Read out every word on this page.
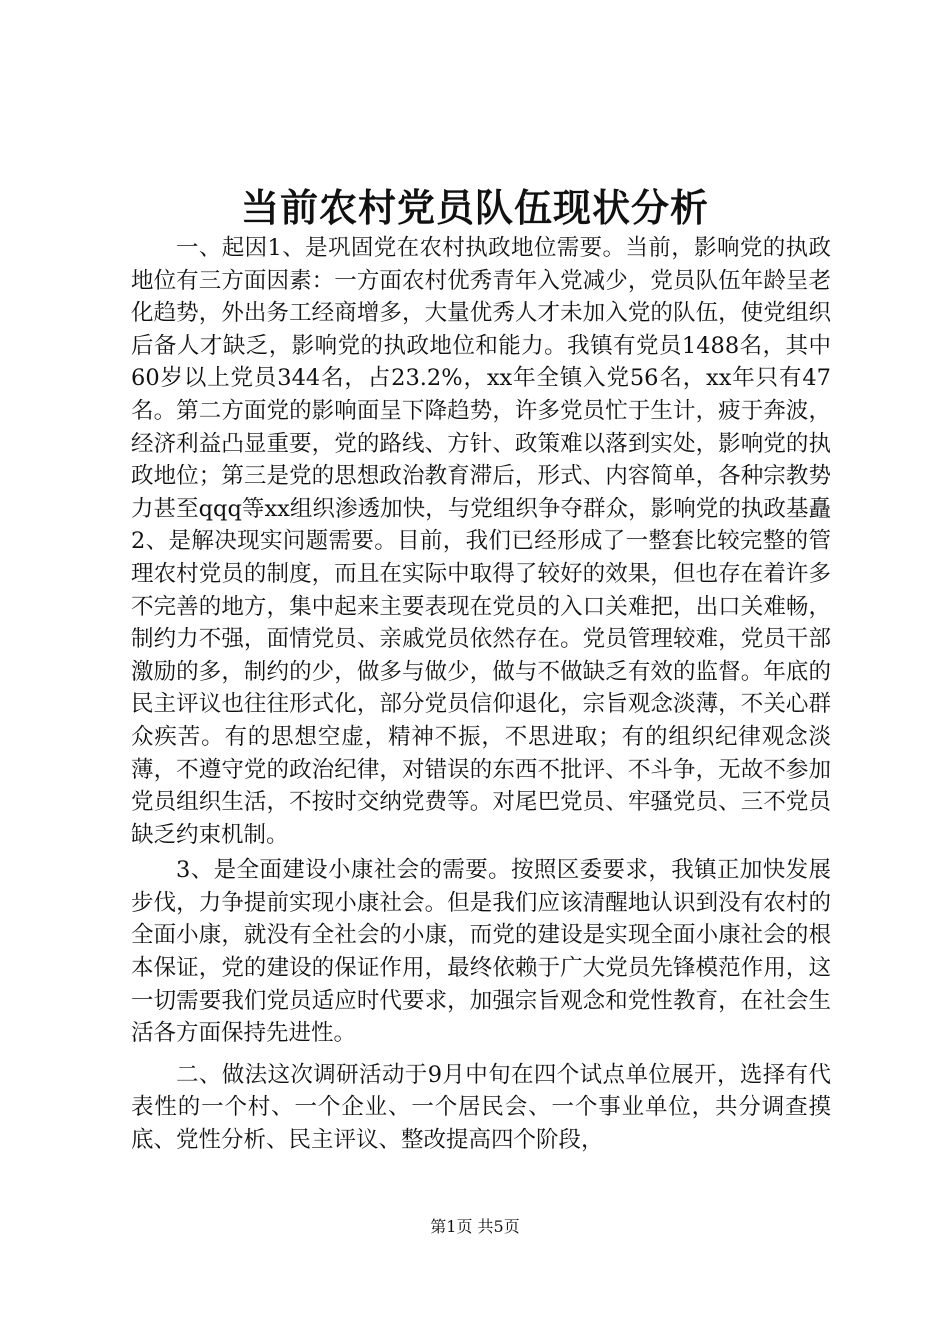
当前农村党员队伍现状分析

一、起因1、是巩固党在农村执政地位需要。当前，影响党的执政地位有三方面因素：一方面农村优秀青年入党减少，党员队伍年龄呈老化趋势，外出务工经商增多，大量优秀人才未加入党的队伍，使党组织后备人才缺乏，影响党的执政地位和能力。我镇有党员1488名，其中60岁以上党员344名，占23.2%，xx年全镇入党56名，xx年只有47名。第二方面党的影响面呈下降趋势，许多党员忙于生计，疲于奔波，经济利益凸显重要，党的路线、方针、政策难以落到实处，影响党的执政地位；第三是党的思想政治教育滞后，形式、内容简单，各种宗教势力甚至qqq等xx组织渗透加快，与党组织争夺群众，影响党的执政基矗2、是解决现实问题需要。目前，我们已经形成了一整套比较完整的管理农村党员的制度，而且在实际中取得了较好的效果，但也存在着许多不完善的地方，集中起来主要表现在党员的入口关难把，出口关难畅，制约力不强，面情党员、亲戚党员依然存在。党员管理较难，党员干部激励的多，制约的少，做多与做少，做与不做缺乏有效的监督。年底的民主评议也往往形式化，部分党员信仰退化，宗旨观念淡薄，不关心群众疾苦。有的思想空虚，精神不振，不思进取；有的组织纪律观念淡薄，不遵守党的政治纪律，对错误的东西不批评、不斗争，无故不参加党员组织生活，不按时交纳党费等。对尾巴党员、牢骚党员、三不党员缺乏约束机制。

3、是全面建设小康社会的需要。按照区委要求，我镇正加快发展步伐，力争提前实现小康社会。但是我们应该清醒地认识到没有农村的全面小康，就没有全社会的小康，而党的建设是实现全面小康社会的根本保证，党的建设的保证作用，最终依赖于广大党员先锋模范作用，这一切需要我们党员适应时代要求，加强宗旨观念和党性教育，在社会生活各方面保持先进性。

二、做法这次调研活动于9月中旬在四个试点单位展开，选择有代表性的一个村、一个企业、一个居民会、一个事业单位，共分调查摸底、党性分析、民主评议、整改提高四个阶段，

第1页 共5页
